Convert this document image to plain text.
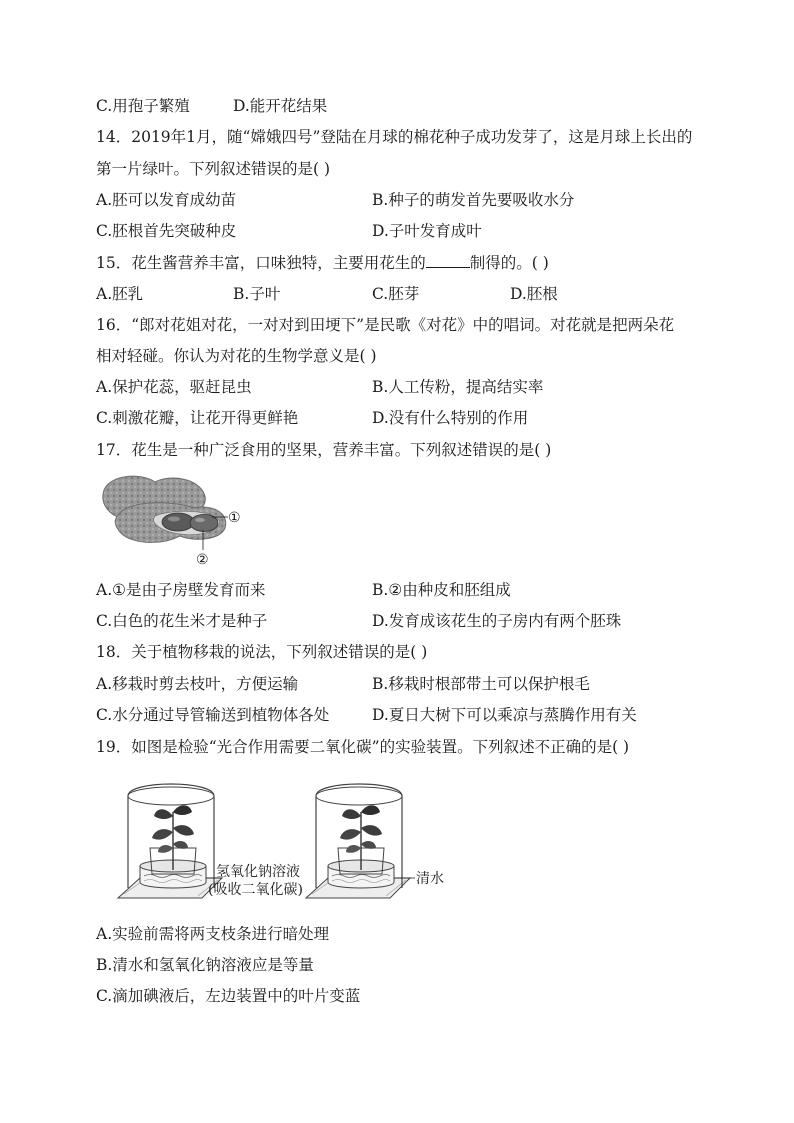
C.用孢子繁殖	D.能开花结果
14．2019年1月，随“嫦娥四号”登陆在月球的棉花种子成功发芽了，这是月球上长出的
第一片绿叶。下列叙述错误的是( )
A.胚可以发育成幼苗	B.种子的萌发首先要吸收水分
C.胚根首先突破种皮	D.子叶发育成叶
15．花生酱营养丰富，口味独特，主要用花生的	制得的。( )
A.胚乳	B.子叶	C.胚芽	D.胚根
16．“郎对花姐对花，一对对到田埂下”是民歌《对花》中的唱词。对花就是把两朵花
相对轻碰。你认为对花的生物学意义是( )
A.保护花蕊，驱赶昆虫	B.人工传粉，提高结实率
C.刺激花瓣，让花开得更鲜艳	D.没有什么特别的作用
17．花生是一种广泛食用的坚果，营养丰富。下列叙述错误的是( )
①
②
A.①是由子房壁发育而来	B.②由种皮和胚组成
C.白色的花生米才是种子	D.发育成该花生的子房内有两个胚珠
18．关于植物移栽的说法，下列叙述错误的是( )
A.移栽时剪去枝叶，方便运输	B.移栽时根部带土可以保护根毛
C.水分通过导管输送到植物体各处	D.夏日大树下可以乘凉与蒸腾作用有关
19．如图是检验“光合作用需要二氧化碳”的实验装置。下列叙述不正确的是( )
氢氧化钠溶液
(吸收二氧化碳)
清水
A.实验前需将两支枝条进行暗处理
B.清水和氢氧化钠溶液应是等量
C.滴加碘液后，左边装置中的叶片变蓝
